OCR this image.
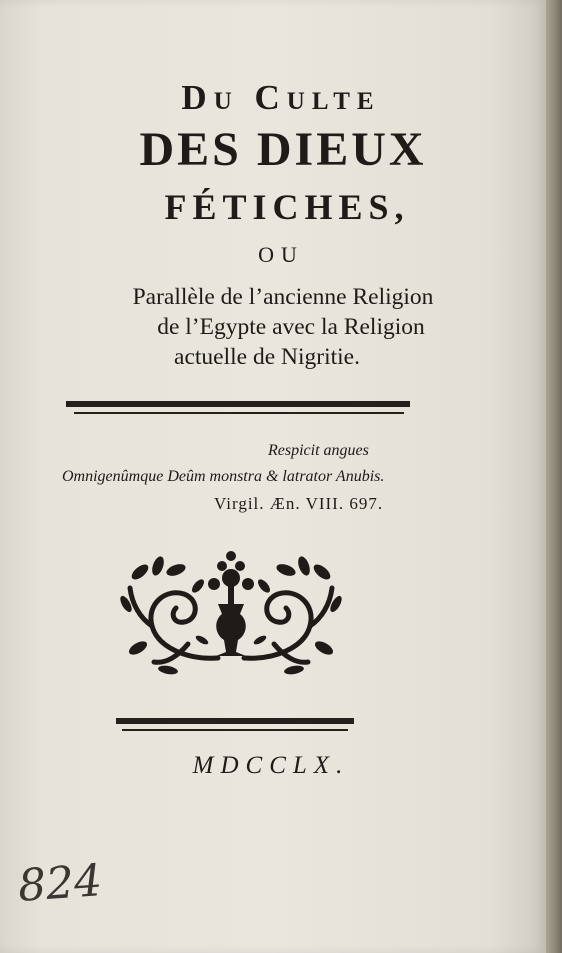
Du Culte
DES DIEUX
FÉTICHES,
OU
Parallèle de l’ancienne Religion
de l’Egypte avec la Religion
actuelle de Nigritie.
Respicit angues
Omnigenûmque Deûm monstra & latrator Anubis.
Virgil. Æn. VIII. 697.
MDCCLX.
824
